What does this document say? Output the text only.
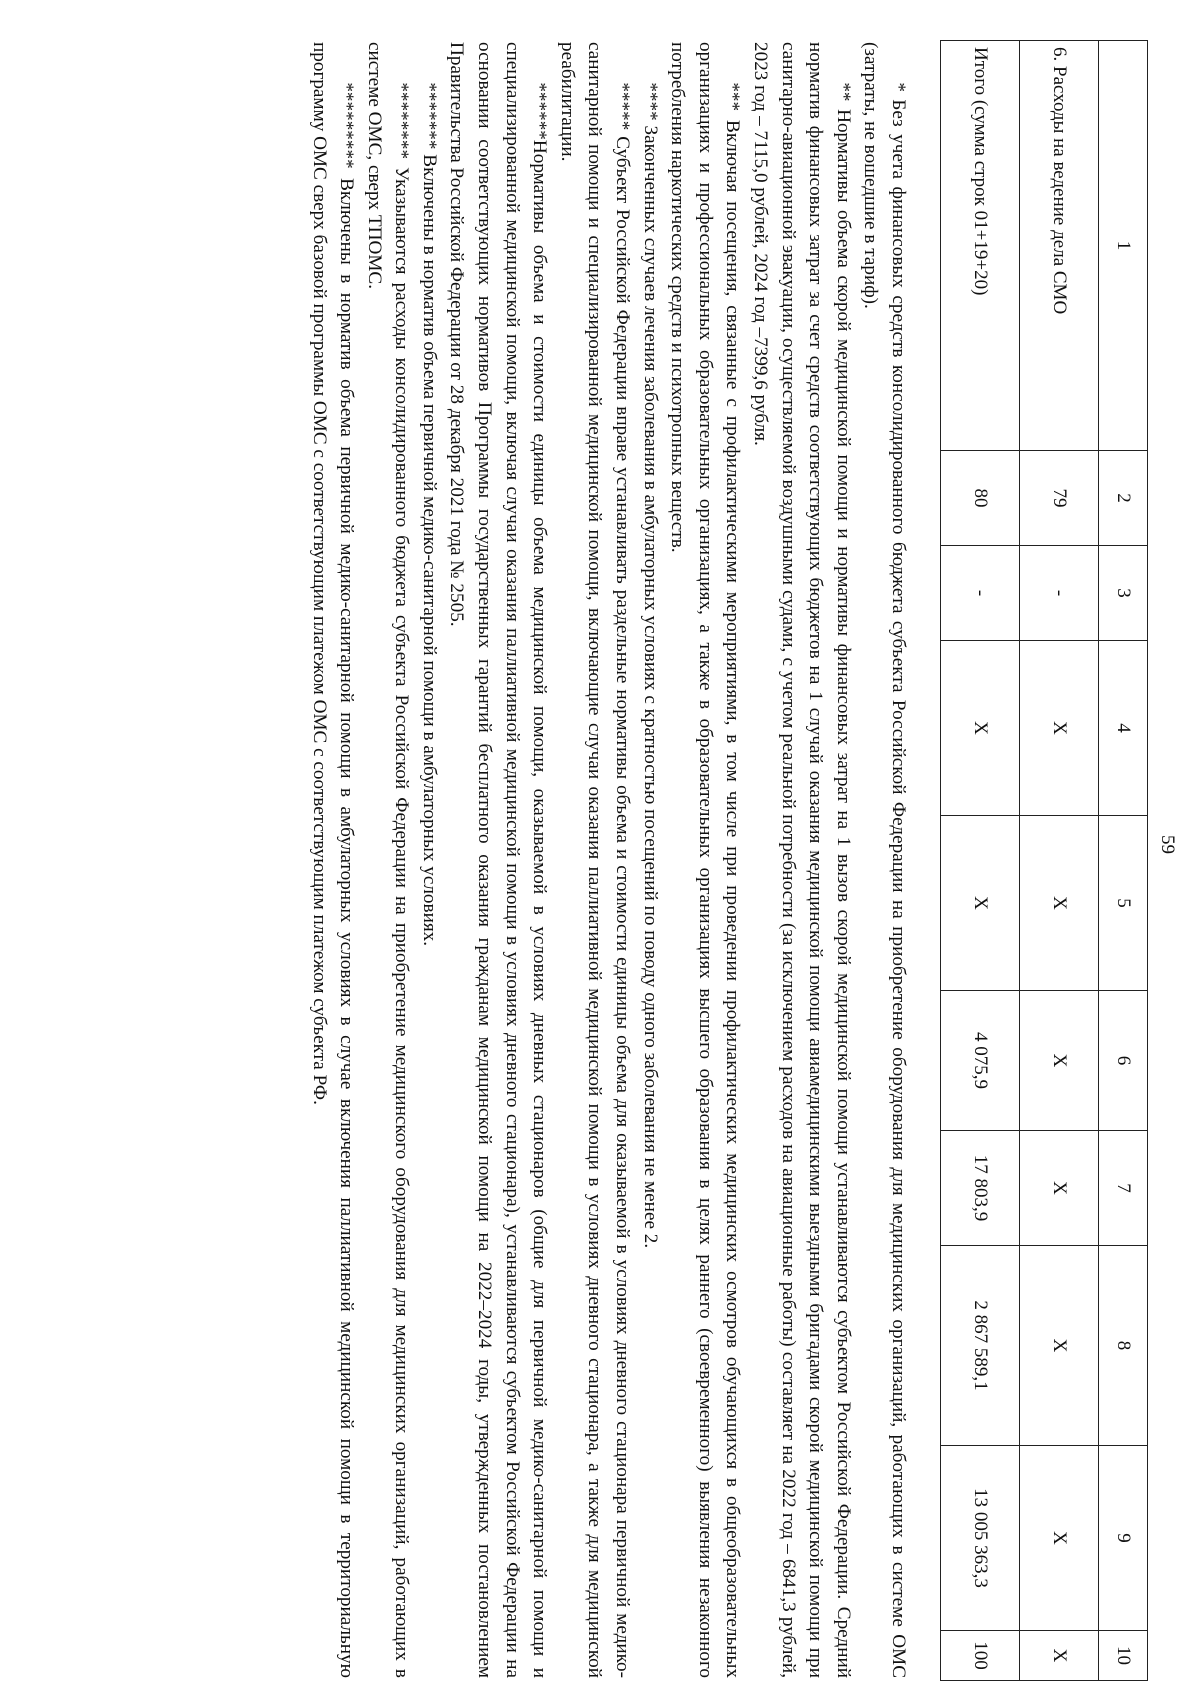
59
1	2	3	4	5	6	7	8	9	10
6. Расходы на ведение дела СМО	79	-	Х	Х	Х	Х	Х	Х	Х
Итого (сумма строк 01+19+20)	80	-	Х	Х	4 075,9	17 803,9	2 867 589,1	13 005 363,3	100

* Без учета финансовых средств консолидированного бюджета субъекта Российской Федерации на приобретение оборудования для медицинских организаций, работающих в системе ОМС (затраты, не вошедшие в тариф).

** Нормативы объема скорой медицинской помощи и нормативы финансовых затрат на 1 вызов скорой медицинской помощи устанавливаются субъектом Российской Федерации. Средний норматив финансовых затрат за счет средств соответствующих бюджетов на 1 случай оказания медицинской помощи авиамедицинскими выездными бригадами скорой медицинской помощи при санитарно-авиационной эвакуации, осуществляемой воздушными судами, с учетом реальной потребности (за исключением расходов на авиационные работы) составляет на 2022 год – 6841,3 рублей, 2023 год – 7115,0 рублей, 2024 год –7399,6 рубля.

*** Включая посещения, связанные с профилактическими мероприятиями, в том числе при проведении профилактических медицинских осмотров обучающихся в общеобразовательных организациях и профессиональных образовательных организациях, а также в образовательных организациях высшего образования в целях раннего (своевременного) выявления незаконного потребления наркотических средств и психотропных веществ.

**** Законченных случаев лечения заболевания в амбулаторных условиях с кратностью посещений по поводу одного заболевания не менее 2.

***** Субъект Российской Федерации вправе устанавливать раздельные нормативы объема и стоимости единицы объема для оказываемой в условиях дневного стационара первичной медико-санитарной помощи и специализированной медицинской помощи, включающие случаи оказания паллиативной медицинской помощи в условиях дневного стационара, а также для медицинской реабилитации.

******Нормативы объема и стоимости единицы объема медицинской помощи, оказываемой в условиях дневных стационаров (общие для первичной медико-санитарной помощи и специализированной медицинской помощи, включая случаи оказания паллиативной медицинской помощи в условиях дневного стационара), устанавливаются субъектом Российской Федерации на основании соответствующих нормативов Программы государственных гарантий бесплатного оказания гражданам медицинской помощи на 2022–2024 годы, утвержденных постановлением Правительства Российской Федерации от 28 декабря 2021 года № 2505.

******* Включены в норматив объема первичной медико-санитарной помощи в амбулаторных условиях.

******** Указываются расходы консолидированного бюджета субъекта Российской Федерации на приобретение медицинского оборудования для медицинских организаций, работающих в системе ОМС, сверх ТПОМС.

********* Включены в норматив объема первичной медико-санитарной помощи в амбулаторных условиях в случае включения паллиативной медицинской помощи в территориальную программу ОМС сверх базовой программы ОМС с соответствующим платежом ОМС с соответствующим платежом субъекта РФ.
